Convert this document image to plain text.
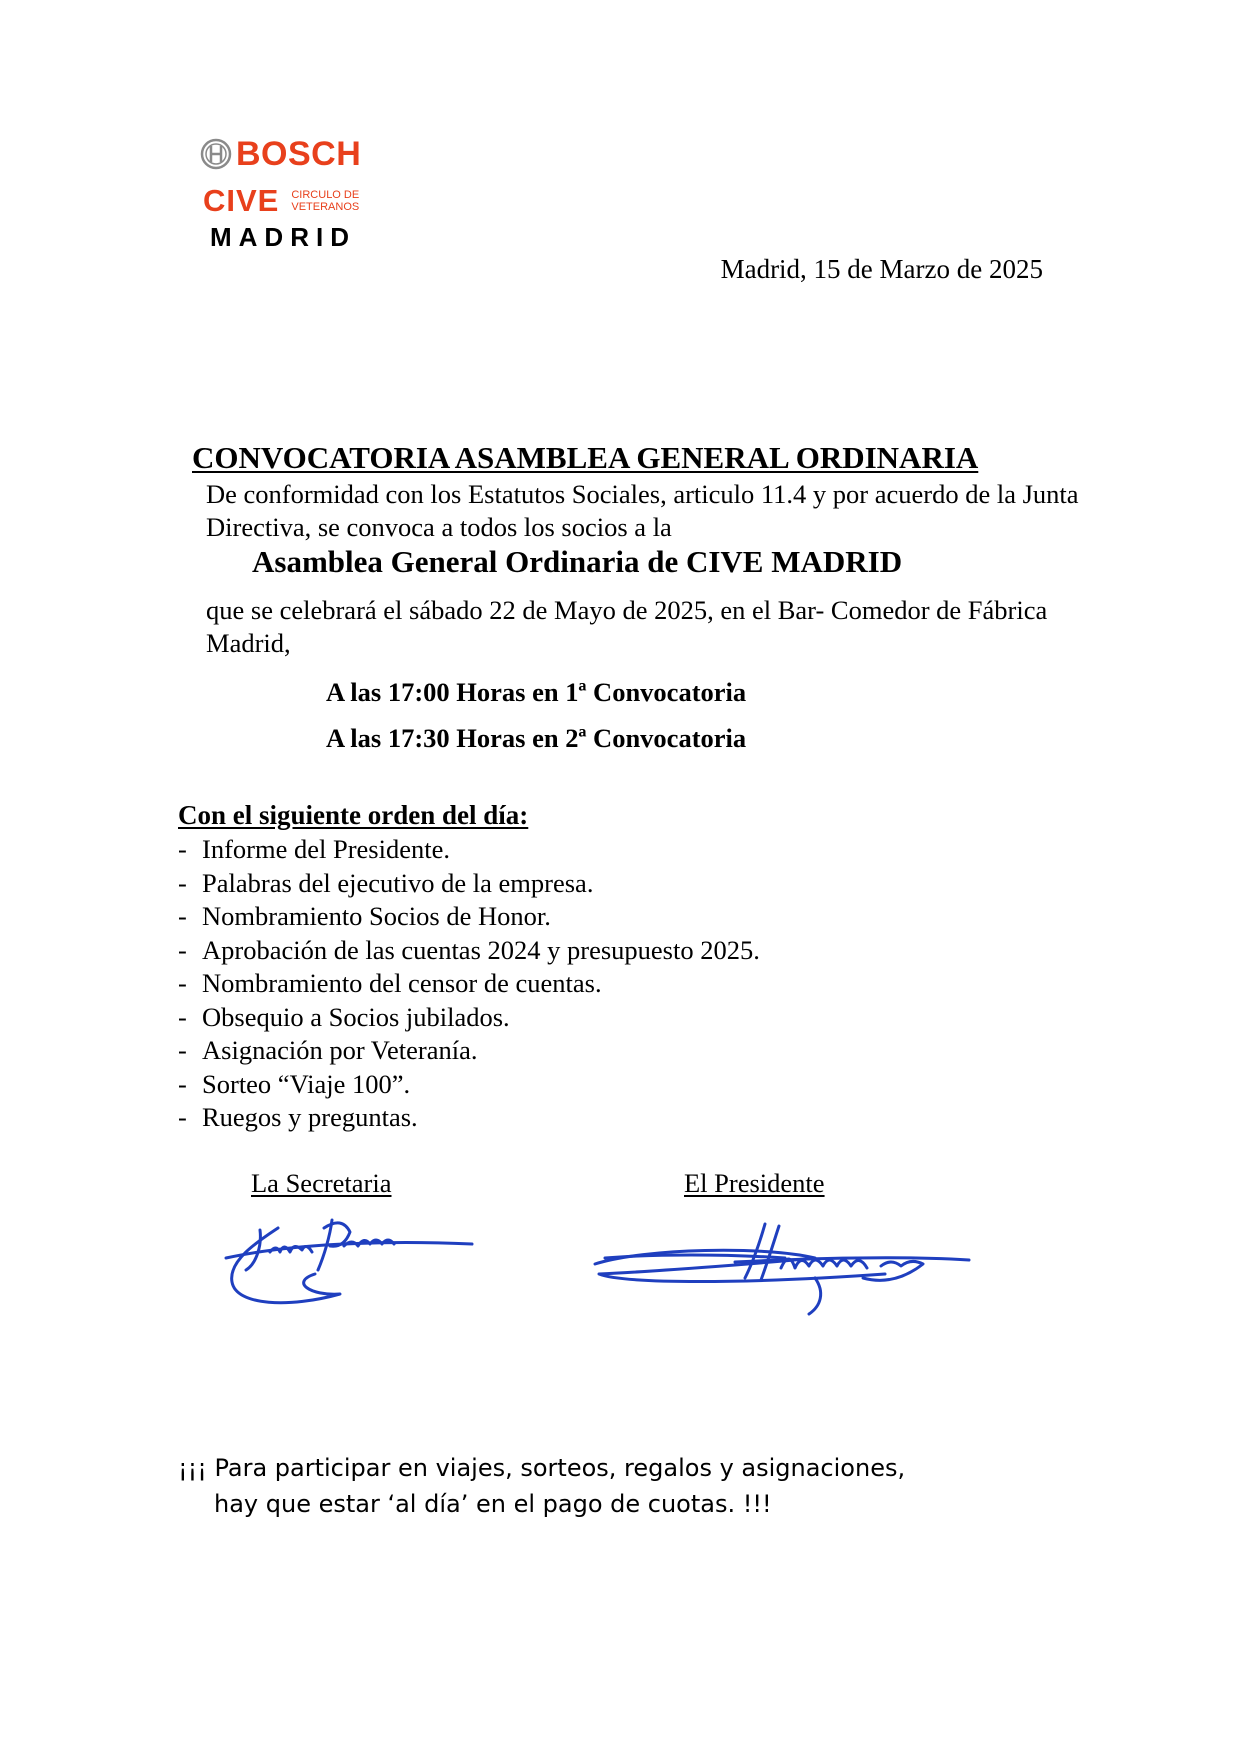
BOSCH
CIVE CIRCULO DE
VETERANOS
MADRID
Madrid, 15 de Marzo de 2025
CONVOCATORIA ASAMBLEA GENERAL ORDINARIA
De conformidad con los Estatutos Sociales, articulo 11.4 y por acuerdo de la Junta Directiva, se convoca a todos los socios a la
Asamblea General Ordinaria de CIVE MADRID
que se celebrará el sábado 22 de Mayo de 2025, en el Bar- Comedor de Fábrica Madrid,
A las 17:00 Horas en 1ª Convocatoria
A las 17:30 Horas en 2ª Convocatoria
Con el siguiente orden del día:
- Informe del Presidente.
- Palabras del ejecutivo de la empresa.
- Nombramiento Socios de Honor.
- Aprobación de las cuentas 2024 y presupuesto 2025.
- Nombramiento del censor de cuentas.
- Obsequio a Socios jubilados.
- Asignación por Veteranía.
- Sorteo “Viaje 100”.
- Ruegos y preguntas.
La Secretaria	El Presidente
¡¡¡ Para participar en viajes, sorteos, regalos y asignaciones,
hay que estar ‘al día’ en el pago de cuotas. !!!
